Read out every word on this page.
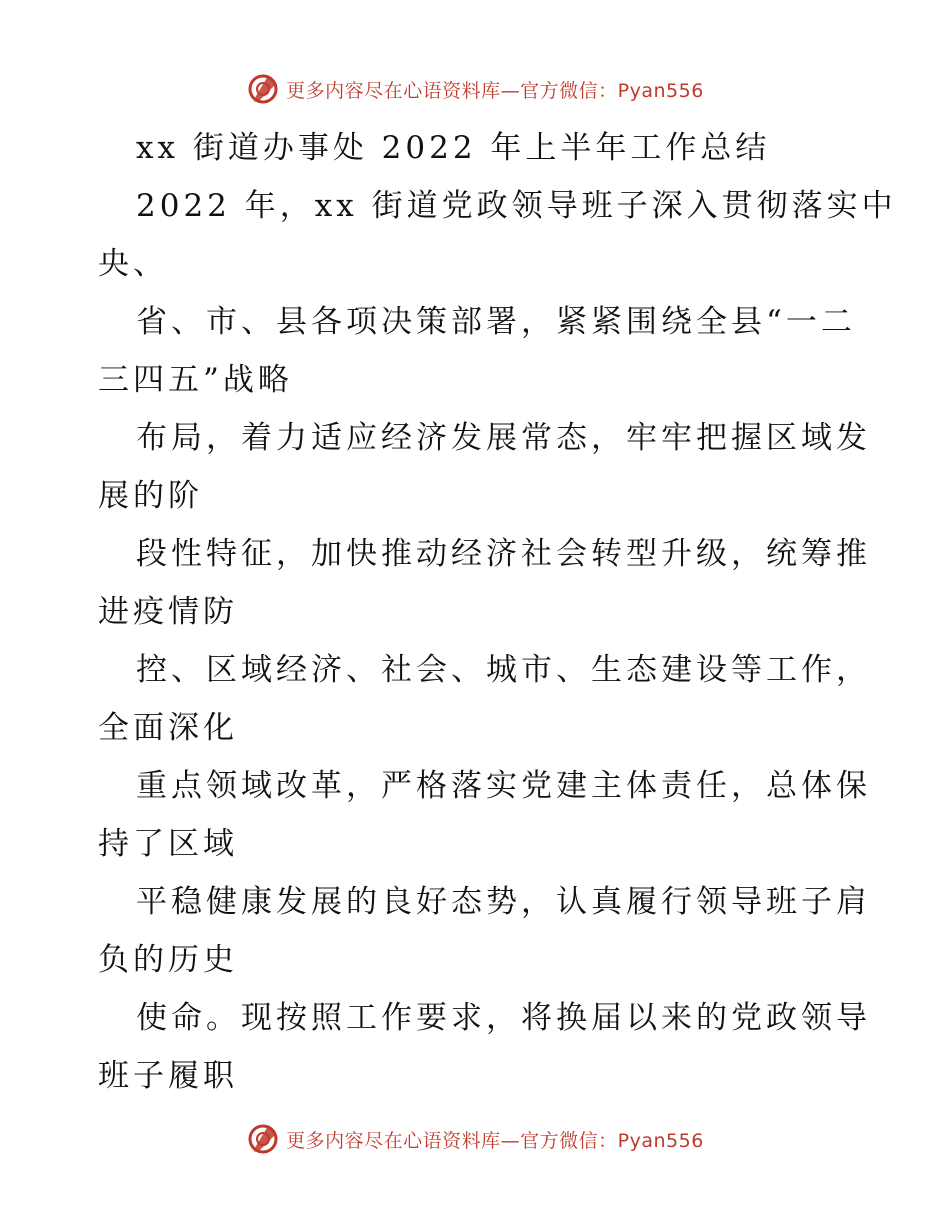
更多内容尽在心语资料库—官方微信：Pyan556
xx 街道办事处 2022 年上半年工作总结
2022 年，xx 街道党政领导班子深入贯彻落实中
央、
省、市、县各项决策部署，紧紧围绕全县“一二
三四五”战略
布局，着力适应经济发展常态，牢牢把握区域发
展的阶
段性特征，加快推动经济社会转型升级，统筹推
进疫情防
控、区域经济、社会、城市、生态建设等工作，
全面深化
重点领域改革，严格落实党建主体责任，总体保
持了区域
平稳健康发展的良好态势，认真履行领导班子肩
负的历史
使命。现按照工作要求，将换届以来的党政领导
班子履职
更多内容尽在心语资料库—官方微信：Pyan556
